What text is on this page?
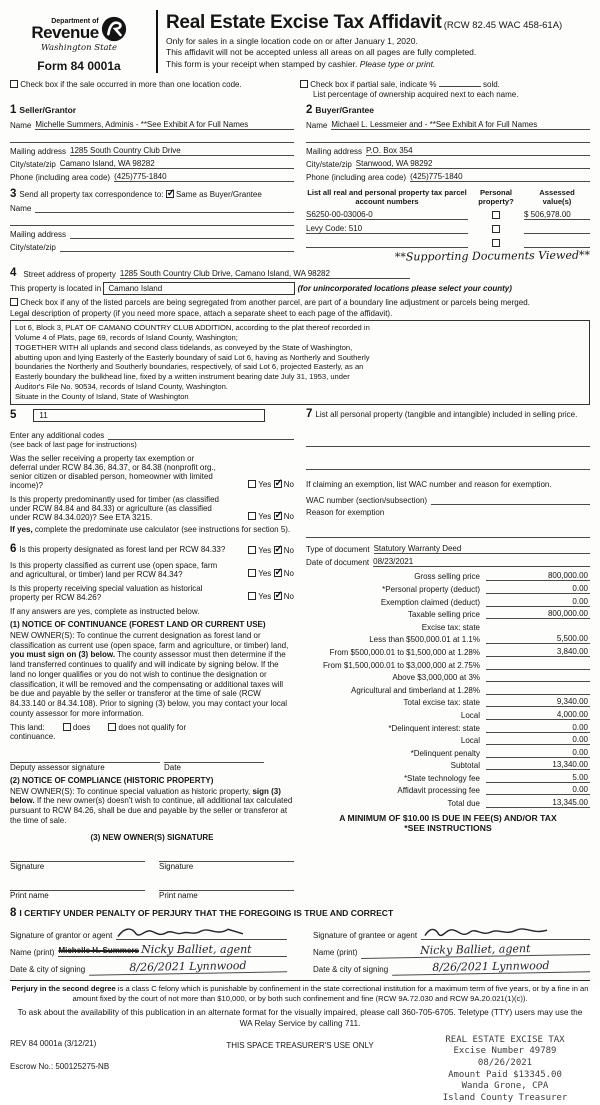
Department of
Revenue
Washington State
Form 84 0001a
Real Estate Excise Tax Affidavit (RCW 82.45 WAC 458-61A)
Only for sales in a single location code on or after January 1, 2020.
This affidavit will not be accepted unless all areas on all pages are fully completed.
This form is your receipt when stamped by cashier. Please type or print.
Check box if the sale occurred in more than one location code.	Check box if partial sale, indicate %	sold.
List percentage of ownership acquired next to each name.
1 Seller/Grantor
Name Michelle Summers, Adminis - **See Exhibit A for Full Names
Mailing address 1285 South Country Club Drive
City/state/zip Camano Island, WA 98282
Phone (including area code) (425)775-1840
3 Send all property tax correspondence to: ✓ Same as Buyer/Grantee
Name
Mailing address
City/state/zip
2 Buyer/Grantee
Name Michael L. Lessmeier and - **See Exhibit A for Full Names
Mailing address P.O. Box 354
City/state/zip Stanwood, WA 98292
Phone (including area code) (425)775-1840
List all real and personal property tax parcel account numbers
Personal property?
Assessed value(s)
S6250-00-03006-0	$ 506,978.00
Levy Code: 510
**Supporting Documents Viewed**
4 Street address of property 1285 South Country Club Drive, Camano Island, WA 98282
This property is located in Camano Island	(for unincorporated locations please select your county)
Check box if any of the listed parcels are being segregated from another parcel, are part of a boundary line adjustment or parcels being merged.
Legal description of property (if you need more space, attach a separate sheet to each page of the affidavit).
Lot 6, Block 3, PLAT OF CAMANO COUNTRY CLUB ADDITION, according to the plat thereof recorded in
Volume 4 of Plats, page 69, records of Island County, Washington;
TOGETHER WITH all uplands and second class tidelands, as conveyed by the State of Washington,
abutting upon and lying Easterly of the Easterly boundary of said Lot 6, having as Northerly and Southerly
boundaries the Northerly and Southerly boundaries, respectively, of said Lot 6, projected Easterly, as an
Easterly boundary the bulkhead line, fixed by a written instrument bearing date July 31, 1953, under
Auditor's File No. 90534, records of Island County, Washington.
Situate in the County of Island, State of Washington
5	11
Enter any additional codes
(see back of last page for instructions)
Was the seller receiving a property tax exemption or deferral under RCW 84.36, 84.37, or 84.38 (nonprofit org., senior citizen or disabled person, homeowner with limited income)?	Yes ✓ No
Is this property predominantly used for timber (as classified under RCW 84.84 and 84.33) or agriculture (as classified under RCW 84.34.020)? See ETA 3215.	Yes ✓ No
If yes, complete the predominate use calculator (see instructions for section 5).
7 List all personal property (tangible and intangible) included in selling price.
If claiming an exemption, list WAC number and reason for exemption.
WAC number (section/subsection)
Reason for exemption
6 Is this property designated as forest land per RCW 84.33?	Yes ✓ No
Is this property classified as current use (open space, farm and agricultural, or timber) land per RCW 84.34?	Yes ✓ No
Is this property receiving special valuation as historical property per RCW 84.26?	Yes ✓ No
If any answers are yes, complete as instructed below.
(1) NOTICE OF CONTINUANCE (FOREST LAND OR CURRENT USE)
NEW OWNER(S): To continue the current designation as forest land or classification as current use (open space, farm and agriculture, or timber) land, you must sign on (3) below. The county assessor must then determine if the land transferred continues to qualify and will indicate by signing below. If the land no longer qualifies or you do not wish to continue the designation or classification, it will be removed and the compensating or additional taxes will be due and payable by the seller or transferor at the time of sale (RCW 84.33.140 or 84.34.108). Prior to signing (3) below, you may contact your local county assessor for more information.
This land:	does	does not qualify for
continuance.
Deputy assessor signature	Date
(2) NOTICE OF COMPLIANCE (HISTORIC PROPERTY)
NEW OWNER(S): To continue special valuation as historic property, sign (3) below. If the new owner(s) doesn't wish to continue, all additional tax calculated pursuant to RCW 84.26, shall be due and payable by the seller or transferor at the time of sale.
(3) NEW OWNER(S) SIGNATURE
Signature	Signature
Print name	Print name
Type of document Statutory Warranty Deed
Date of document 08/23/2021
Gross selling price	800,000.00
*Personal property (deduct)	0.00
Exemption claimed (deduct)	0.00
Taxable selling price	800,000.00
Excise tax: state
Less than $500,000.01 at 1.1%	5,500.00
From $500,000.01 to $1,500,000 at 1.28%	3,840.00
From $1,500,000.01 to $3,000,000 at 2.75%
Above $3,000,000 at 3%
Agricultural and timberland at 1.28%
Total excise tax: state	9,340.00
Local	4,000.00
*Delinquent interest: state	0.00
Local	0.00
*Delinquent penalty	0.00
Subtotal	13,340.00
*State technology fee	5.00
Affidavit processing fee	0.00
Total due	13,345.00
A MINIMUM OF $10.00 IS DUE IN FEE(S) AND/OR TAX
*SEE INSTRUCTIONS
8 I CERTIFY UNDER PENALTY OF PERJURY THAT THE FOREGOING IS TRUE AND CORRECT
Signature of grantor or agent
Name (print) Michelle H. Summers Nicky Balliet, agent
Date & city of signing	8/26/2021 Lynnwood
Signature of grantee or agent
Name (print)	Nicky Balliet, agent
Date & city of signing	8/26/2021 Lynnwood
Perjury in the second degree is a class C felony which is punishable by confinement in the state correctional institution for a maximum term of five years, or by a fine in an amount fixed by the court of not more than $10,000, or by both such confinement and fine (RCW 9A.72.030 and RCW 9A.20.021(1)(c)).
To ask about the availability of this publication in an alternate format for the visually impaired, please call 360-705-6705. Teletype (TTY) users may use the WA Relay Service by calling 711.
REV 84 0001a (3/12/21)
Escrow No.: 500125275-NB
THIS SPACE TREASURER'S USE ONLY
REAL ESTATE EXCISE TAX
Excise Number 49789
08/26/2021
Amount Paid $13345.00
Wanda Grone, CPA
Island County Treasurer
